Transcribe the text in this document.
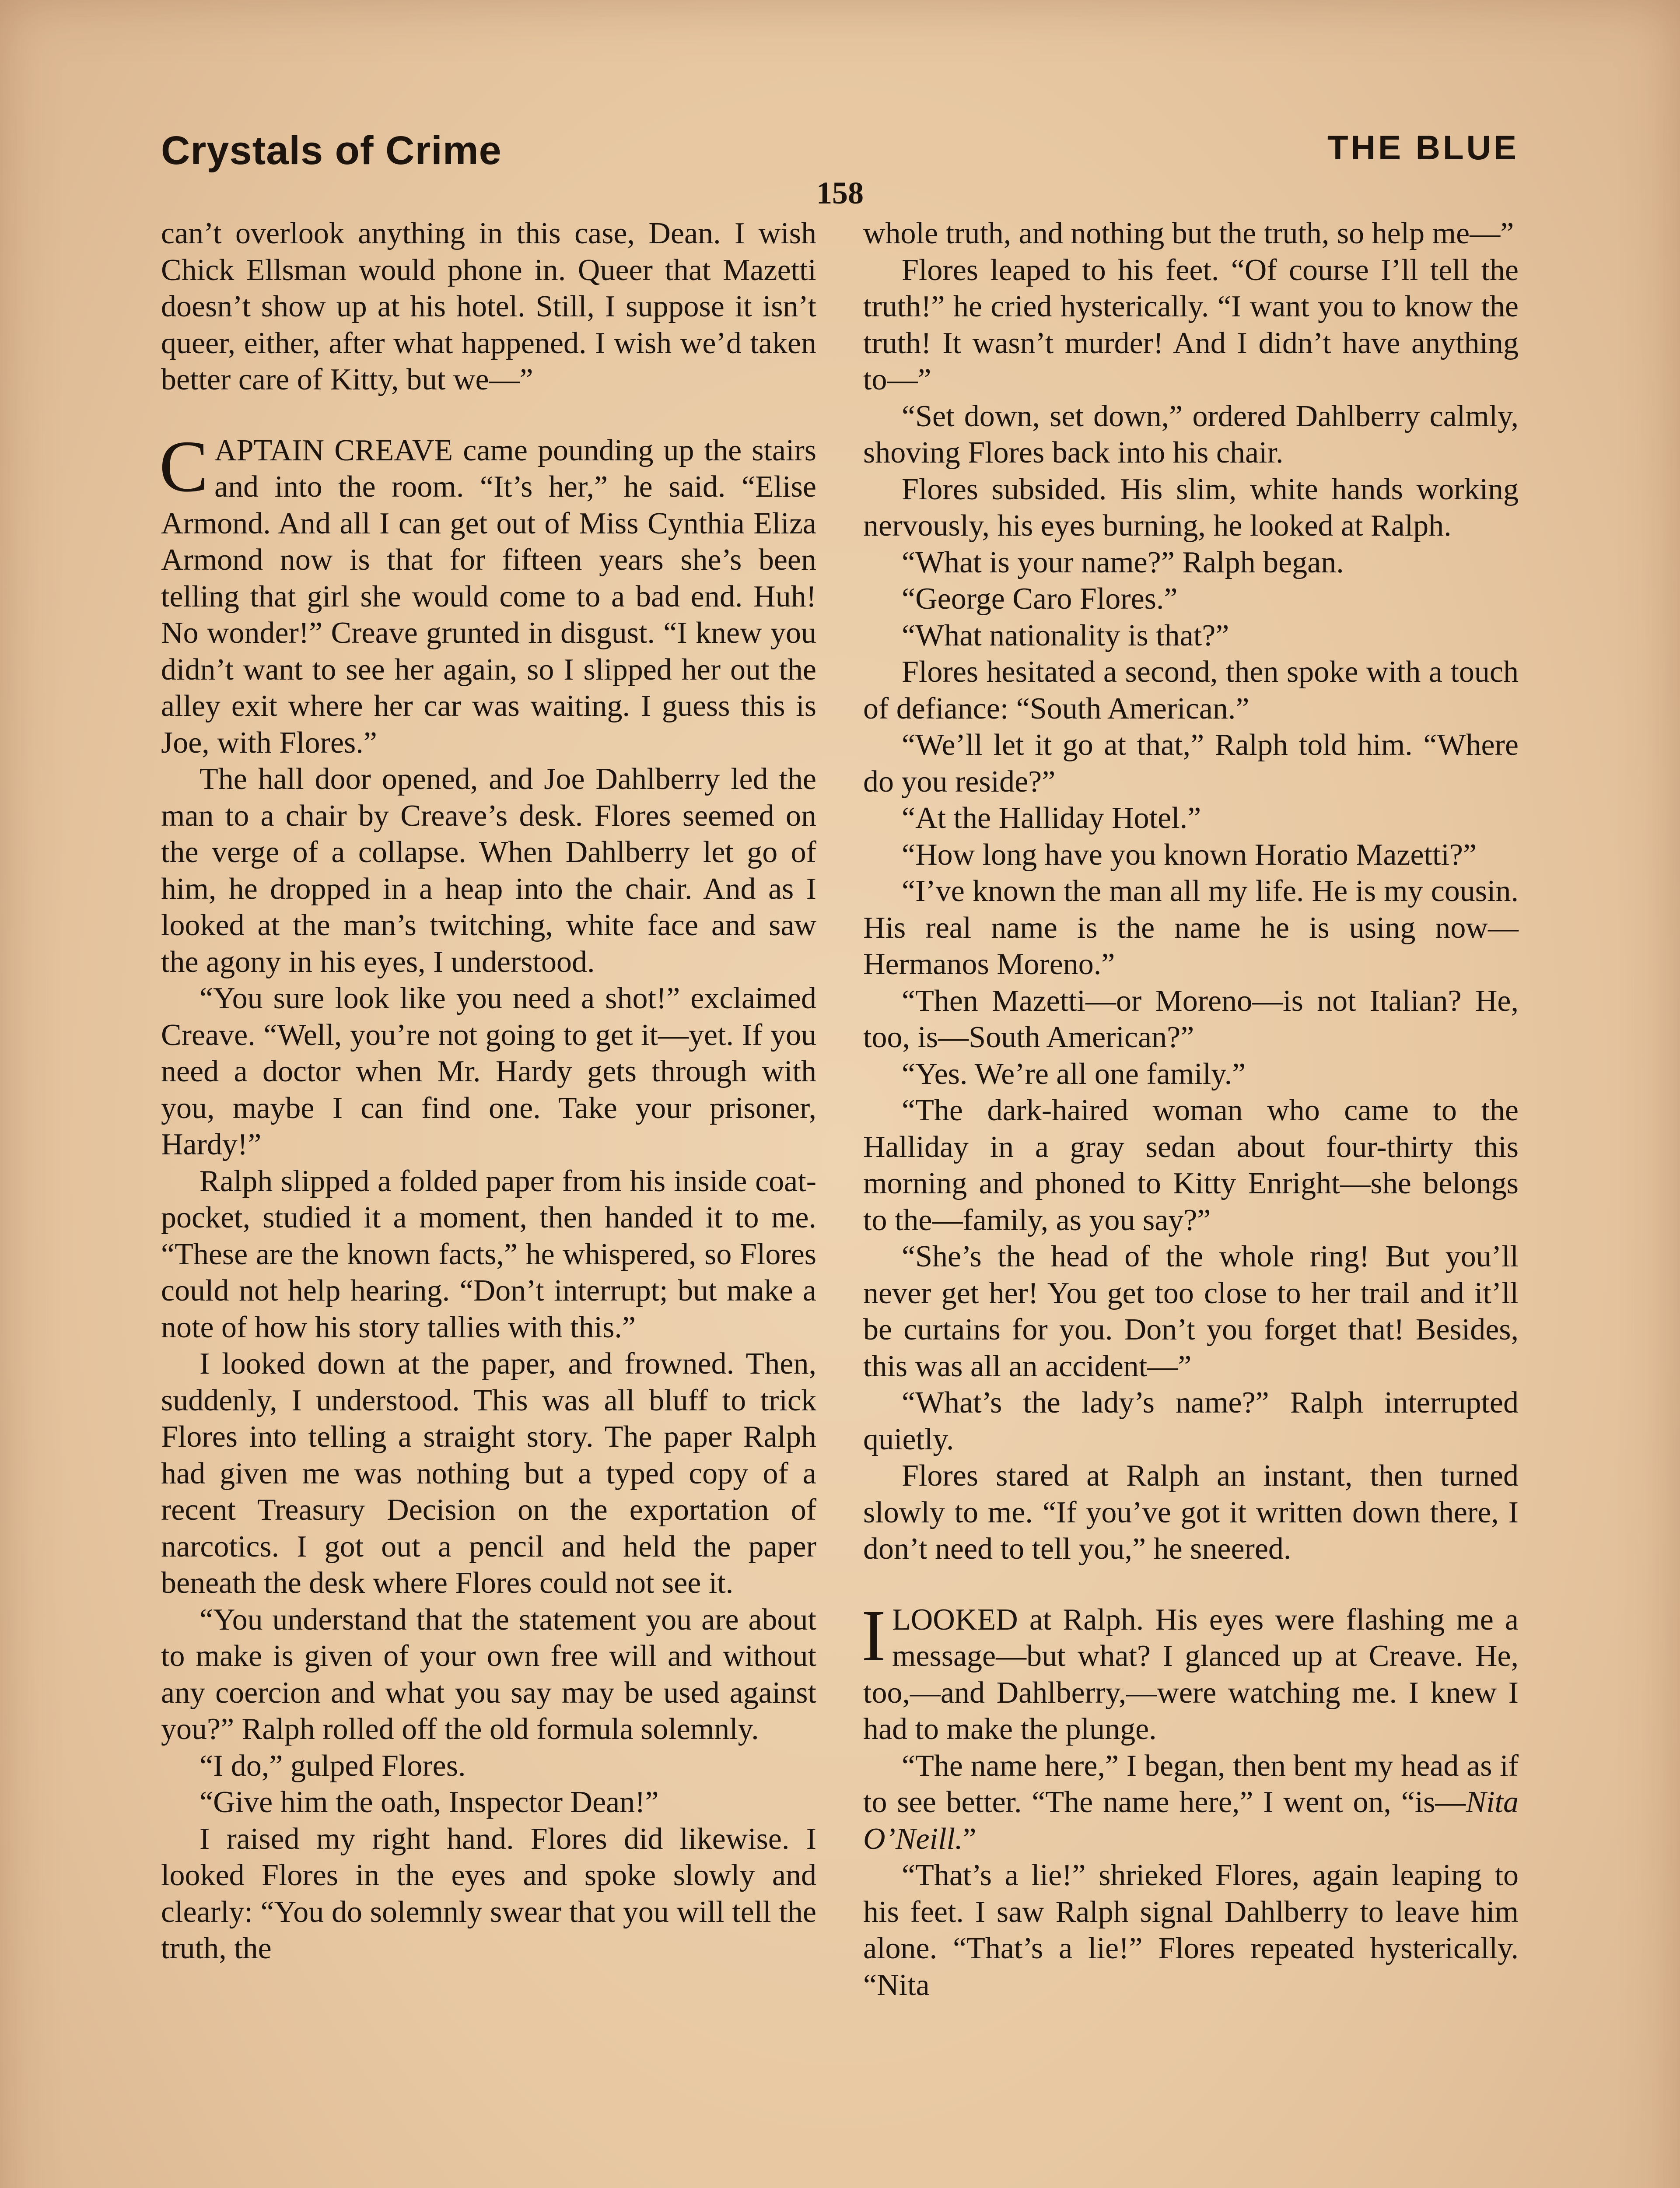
Crystals of Crime	THE BLUE
158

can’t overlook anything in this case, Dean. I wish Chick Ellsman would phone in. Queer that Mazetti doesn’t show up at his hotel. Still, I suppose it isn’t queer, either, after what happened. I wish we’d taken better care of Kitty, but we—”

CAPTAIN CREAVE came pounding up the stairs and into the room. “It’s her,” he said. “Elise Armond. And all I can get out of Miss Cynthia Eliza Armond now is that for fifteen years she’s been telling that girl she would come to a bad end. Huh! No wonder!” Creave grunted in disgust. “I knew you didn’t want to see her again, so I slipped her out the alley exit where her car was waiting. I guess this is Joe, with Flores.”

The hall door opened, and Joe Dahlberry led the man to a chair by Creave’s desk. Flores seemed on the verge of a collapse. When Dahlberry let go of him, he dropped in a heap into the chair. And as I looked at the man’s twitching, white face and saw the agony in his eyes, I understood.

“You sure look like you need a shot!” exclaimed Creave. “Well, you’re not going to get it—yet. If you need a doctor when Mr. Hardy gets through with you, maybe I can find one. Take your prisoner, Hardy!”

Ralph slipped a folded paper from his inside coat-pocket, studied it a moment, then handed it to me. “These are the known facts,” he whispered, so Flores could not help hearing. “Don’t interrupt; but make a note of how his story tallies with this.”

I looked down at the paper, and frowned. Then, suddenly, I understood. This was all bluff to trick Flores into telling a straight story. The paper Ralph had given me was nothing but a typed copy of a recent Treasury Decision on the exportation of narcotics. I got out a pencil and held the paper beneath the desk where Flores could not see it.

“You understand that the statement you are about to make is given of your own free will and without any coercion and what you say may be used against you?” Ralph rolled off the old formula solemnly.

“I do,” gulped Flores.

“Give him the oath, Inspector Dean!”

I raised my right hand. Flores did likewise. I looked Flores in the eyes and spoke slowly and clearly: “You do solemnly swear that you will tell the truth, the

whole truth, and nothing but the truth, so help me—”

Flores leaped to his feet. “Of course I’ll tell the truth!” he cried hysterically. “I want you to know the truth! It wasn’t murder! And I didn’t have anything to—”

“Set down, set down,” ordered Dahlberry calmly, shoving Flores back into his chair.

Flores subsided. His slim, white hands working nervously, his eyes burning, he looked at Ralph.

“What is your name?” Ralph began.

“George Caro Flores.”

“What nationality is that?”

Flores hesitated a second, then spoke with a touch of defiance: “South American.”

“We’ll let it go at that,” Ralph told him. “Where do you reside?”

“At the Halliday Hotel.”

“How long have you known Horatio Mazetti?”

“I’ve known the man all my life. He is my cousin. His real name is the name he is using now—Hermanos Moreno.”

“Then Mazetti—or Moreno—is not Italian? He, too, is—South American?”

“Yes. We’re all one family.”

“The dark-haired woman who came to the Halliday in a gray sedan about four-thirty this morning and phoned to Kitty Enright—she belongs to the—family, as you say?”

“She’s the head of the whole ring! But you’ll never get her! You get too close to her trail and it’ll be curtains for you. Don’t you forget that! Besides, this was all an accident—”

“What’s the lady’s name?” Ralph interrupted quietly.

Flores stared at Ralph an instant, then turned slowly to me. “If you’ve got it written down there, I don’t need to tell you,” he sneered.

ILOOKED at Ralph. His eyes were flashing me a message—but what? I glanced up at Creave. He, too,—and Dahlberry,—were watching me. I knew I had to make the plunge.

“The name here,” I began, then bent my head as if to see better. “The name here,” I went on, “is—Nita O’Neill.”

“That’s a lie!” shrieked Flores, again leaping to his feet. I saw Ralph signal Dahlberry to leave him alone. “That’s a lie!” Flores repeated hysterically. “Nita
